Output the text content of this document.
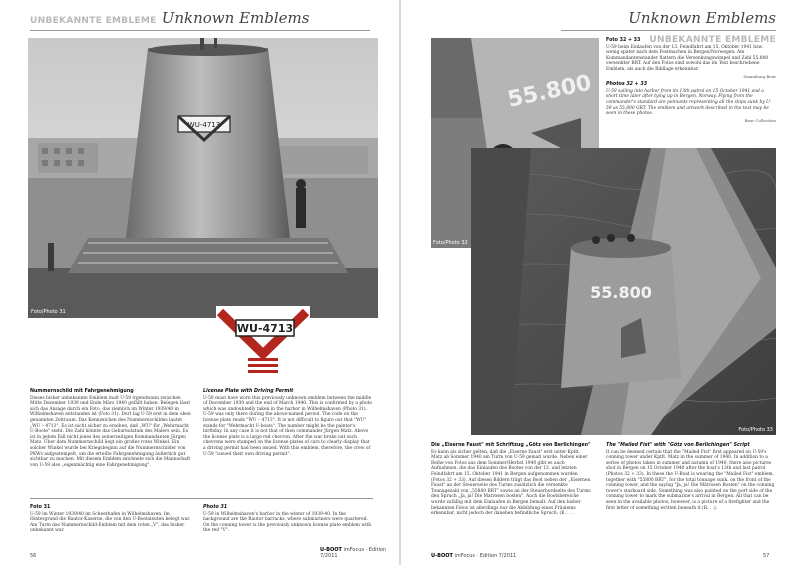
UNBEKANNTE EMBLEME Unknown Emblems
WU-4713
Foto/Photo 31
WU-4713
Nummernschild mit Fahrgenehmigung
Dieses bisher unbekannte Emblem malt U-59 irgendwann zwischen Mitte Dezember 1939 und Ende März 1940 gefällt haben. Belegen lässt sich das Ansage durch ein Foto, das ziemlich im Winter 1939/40 in Wilhelmshaven entstanden ist (Foto 31). Dort lag U-59 erst in dem oben genannten Zeitraum. Das Kennzeichen des Nummernschildes lautet „WU – 4713". Es ist nicht sicher zu ersehen, daß „WU" für „Wehrmacht U-Boote" steht. Die Zahl könnte das Geburtsdatum des Malers sein. Es ist in jedem Fall nicht jenes des seinerzeitigen Kommandanten Jürgen Matz. Über dem Nummernschild liegt ein großes rotes Winkel. Ein solcher Winkel wurde bei Kriegsbeginn auf die Nummernschilder von PKWs aufgestempelt, um die erteilte Fahrgenehmigung äußerlich gut sichtbar zu machen. Mit diesem Emblem zeichnete sich die Mannschaft von U-59 also „eigenmächtig eine Fahrgenehmigung".
License Plate with Driving Permit
U-59 must have worn this previously unknown emblem between the middle of December 1939 and the end of March 1940. This is confirmed by a photo which was undoubtedly taken in the harbor in Wilhelmshaven (Photo 31). U-59 was only there during the above-named period. The code on the license plate reads "WU – 4713". It is not difficult to figure out that "WU" stands for "Wehrmacht U-boats". The number might be the painter's birthday. In any case it is not that of then commander Jürgen Matz. Above the license plate is a large red chevron. After the war broke out such chevrons were stamped on the license plates of cars to clearly display that a driving permit had been issued. With this emblem, therefore, the crew of U-59 "issued their own driving permit".
Foto 31
U-59 im Winter 1939/40 im Scheerhafen in Wilhelmshaven. Im Hintergrund die Bautor-Kaserne, die von den U-Bootsleuten belegt war. Am Turm das Nummernschild-Emblem mit dem roten „V", das bisher unbekannt war.
Photo 31
U-59 in Wilhelmshaven's harbor in the winter of 1939-40. In the background are the Bautor barracks, where submariners were quartered. On the conning tower is the previously unknown license plate emblem with the red "V".
56
U-BOOT imFocus · Edition 7/2011
Unknown Emblems UNBEKANNTE EMBLEME
55.800
Foto/Photo 32
Foto 32 + 33
U-59 beim Einlaufen von der 13. Feindfahrt am 15. Oktober 1941 bzw. wenig später nach dem Festmachen in Bergen/Norwegen. Am Kommandantenstander flattern die Versenkungswimpel und Zahl 55.800 versenkter BRT. Auf den Fotos sind sowohl das im Text beschriebene Emblem, als auch die Bildlage erkennbar.
Sammlung Bear
Photos 32 + 33
U-59 sailing into harbor from its 13th patrol on 15 October 1941 and a short time later after tying up in Bergen, Norway. Flying from the commander's standard are pennants representing all the ships sunk by U-59 as 55,800 GRT. The emblem and artwork described in the text may be seen in these photos.
Bear Collection
55.800
Foto/Photo 33
Die „Eiserne Faust" mit Schriftzug „Götz von Berlichingen"
Es kann als sicher gelten, daß die „Eiserne Faust" erst unter Kptlt. Matz ab Sommer 1940 am Turm von U-59 gemalt wurde. Neben einer Reihe von Fotos aus dem Sommer/Herbst 1940 gibt es auch Aufnahmen, die das Einlaufen des Bootes von der 13. und letzten Feindfahrt am 15. Oktober 1941 in Bergen aufgenommen wurden (Fotos 32 + 33). Auf diesen Bildern trägt das Boot neben der „Eisernen Faust" an der Steuerseite des Turms zusätzlich die versenkte Tonnagezahl von „55800 BRT" sowie an der Steuerbordseite des Turms den Spruch „Ja, ja! Die Matrosen bosten". Auch die Bootsbereiche wurde zufällig mit dem Einlaufen in Bergen bemalt. Auf den bisher bekannten Fotos ist allerdings nur die Abbildung eines Fräuleins erkennbar, nicht jedoch der daneben befindliche Spruch. (K. . . .
The "Mailed Fist" with "Götz von Berlichingen" Script
It can be deemed certain that the "Mailed Fist" first appeared on U-59's conning tower under Kptlt. Matz in the summer of 1940. In addition to a series of photos taken in summer and autumn of 1940, there also pictures shot in Bergen on 15 October 1940 after the boat's 13th and last patrol (Photos 32 + 33). In these the U-Boat is wearing the "Mailed Fist" emblem, together with "55800 BRT", for the total tonnage sunk, on the front of the conning tower, and the saying "Ja, ja! Die Mätrosen Bosten" on the conning tower's starboard side. Something was also painted on the port side of the conning tower to mark the submarine's arrival in Bergen. All that can be seen in the available photos, however, is a picture of a firefighter and the first letter of something written beneath it (R. . .).
U-BOOT imFocus · Edition 7/2011	57
